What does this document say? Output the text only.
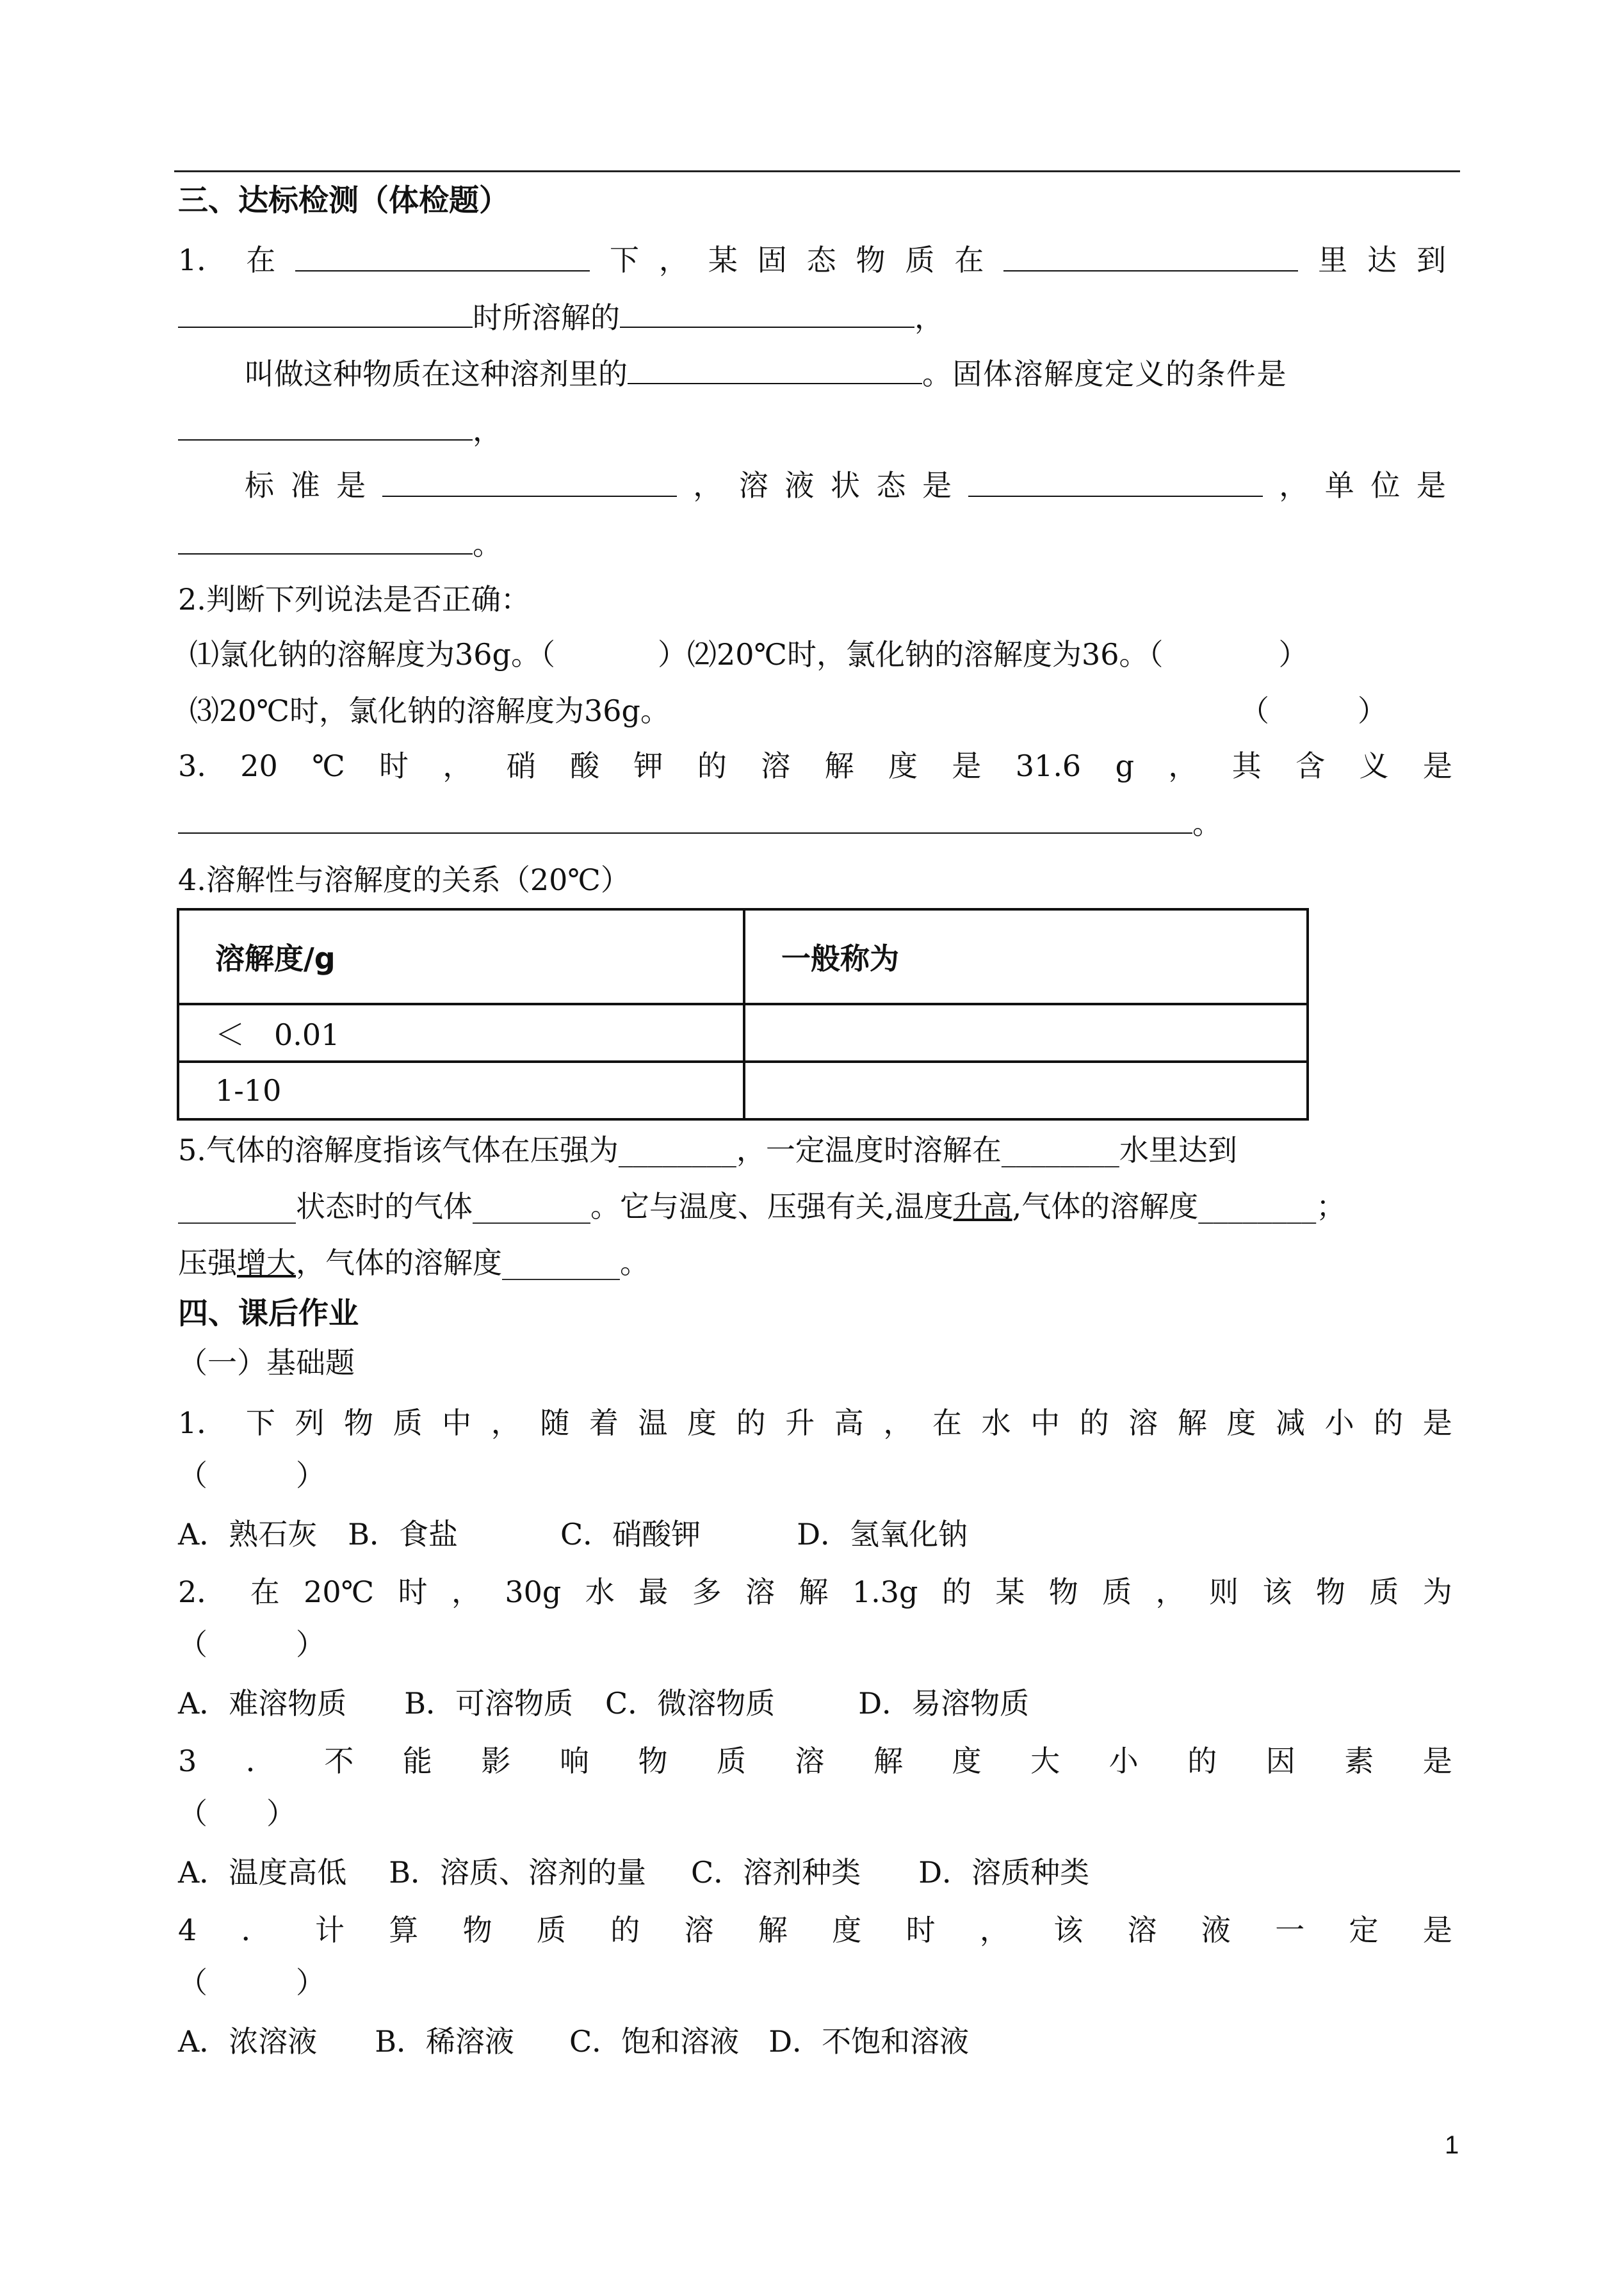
三、达标检测（体检题）
1． 在	下 ， 某 固 态 物 质 在	里 达 到
时所溶解的	，
叫做这种物质在这种溶剂里的	。固体溶解度定义的条件是
，
标 准 是	， 溶 液 状 态 是	， 单 位 是
。
2.判断下列说法是否正确：
⑴氯化钠的溶解度为36g。（	）⑵20℃时，氯化钠的溶解度为36。（	）
⑶20℃时，氯化钠的溶解度为36g。	（　　　）
3. 20 ℃ 时 ， 硝 酸 钾 的 溶 解 度 是 31.6 g ， 其 含 义 是
。
4.溶解性与溶解度的关系（20℃）
溶解度/g	一般称为
＜　0.01	
1-10	
5.气体的溶解度指该气体在压强为________，一定温度时溶解在________水里达到
________状态时的气体________。它与温度、压强有关,温度升高,气体的溶解度________；
压强增大，气体的溶解度________。
四、课后作业
（一）基础题
1． 下 列 物 质 中 ， 随 着 温 度 的 升 高 ， 在 水 中 的 溶 解 度 减 小 的 是
（　　　）
A．熟石灰 B．食盐	C．硝酸钾	D．氢氧化钠
2． 在 20℃ 时 ， 30g 水 最 多 溶 解 1.3g 的 某 物 质 ， 则 该 物 质 为
（　　　）
A．难溶物质 B．可溶物质 C．微溶物质	D．易溶物质
3 ． 不 能 影 响 物 质 溶 解 度 大 小 的 因 素 是
（　　）
A．温度高低 B．溶质、溶剂的量 C．溶剂种类 D．溶质种类
4 ． 计 算 物 质 的 溶 解 度 时 ， 该 溶 液 一 定 是
（　　　）
A．浓溶液 B．稀溶液 C．饱和溶液 D．不饱和溶液
1
